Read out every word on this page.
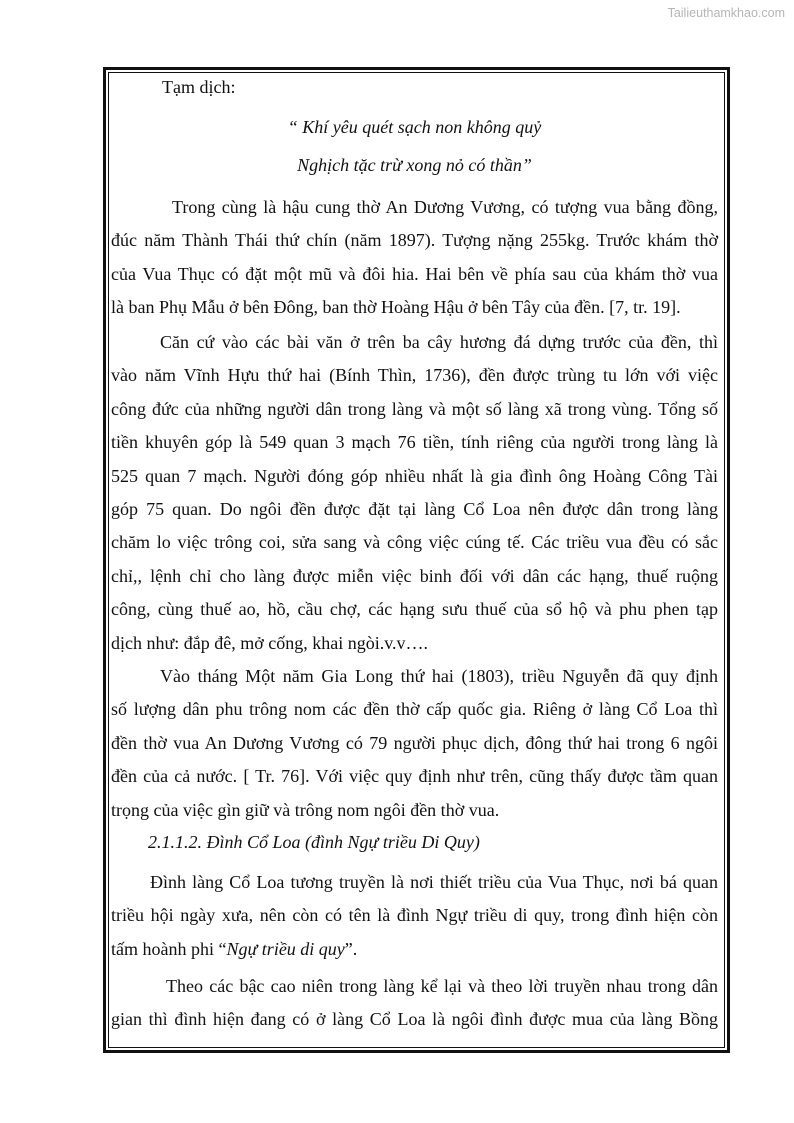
Tailieuthamkhao.com
Tạm dịch:
“ Khí yêu quét sạch non không quỷ
Nghịch tặc trừ xong nỏ có thần”
Trong cùng là hậu cung thờ An Dương Vương, có tượng vua bằng đồng,
đúc năm Thành Thái thứ chín (năm 1897). Tượng nặng 255kg. Trước khám thờ
của Vua Thục có đặt một mũ và đôi hia. Hai bên về phía sau của khám thờ vua
là ban Phụ Mẫu ở bên Đông, ban thờ Hoàng Hậu ở bên Tây của đền. [7, tr. 19].
Căn cứ vào các bài văn ở trên ba cây hương đá dựng trước của đền, thì
vào năm Vĩnh Hựu thứ hai (Bính Thìn, 1736), đền được trùng tu lớn với việc
công đức của những người dân trong làng và một số làng xã trong vùng. Tổng số
tiền khuyên góp là 549 quan 3 mạch 76 tiền, tính riêng của người trong làng là
525 quan 7 mạch. Người đóng góp nhiều nhất là gia đình ông Hoàng Công Tài
góp 75 quan. Do ngôi đền được đặt tại làng Cổ Loa nên được dân trong làng
chăm lo việc trông coi, sửa sang và công việc cúng tế. Các triều vua đều có sắc
chỉ,, lệnh chỉ cho làng được miễn việc binh đối với dân các hạng, thuế ruộng
công, cùng thuế ao, hồ, cầu chợ, các hạng sưu thuế của sổ hộ và phu phen tạp
dịch như: đắp đê, mở cống, khai ngòi.v.v….
Vào tháng Một năm Gia Long thứ hai (1803), triều Nguyễn đã quy định
số lượng dân phu trông nom các đền thờ cấp quốc gia. Riêng ở làng Cổ Loa thì
đền thờ vua An Dương Vương có 79 người phục dịch, đông thứ hai trong 6 ngôi
đền của cả nước. [ Tr. 76]. Với việc quy định như trên, cũng thấy được tầm quan
trọng của việc gìn giữ và trông nom ngôi đền thờ vua.
2.1.1.2. Đình Cổ Loa (đình Ngự triều Di Quy)
Đình làng Cổ Loa tương truyền là nơi thiết triều của Vua Thục, nơi bá quan
triều hội ngày xưa, nên còn có tên là đình Ngự triều di quy, trong đình hiện còn
tấm hoành phi “Ngự triều di quy”.
Theo các bậc cao niên trong làng kể lại và theo lời truyền nhau trong dân
gian thì đình hiện đang có ở làng Cổ Loa là ngôi đình được mua của làng Bồng
